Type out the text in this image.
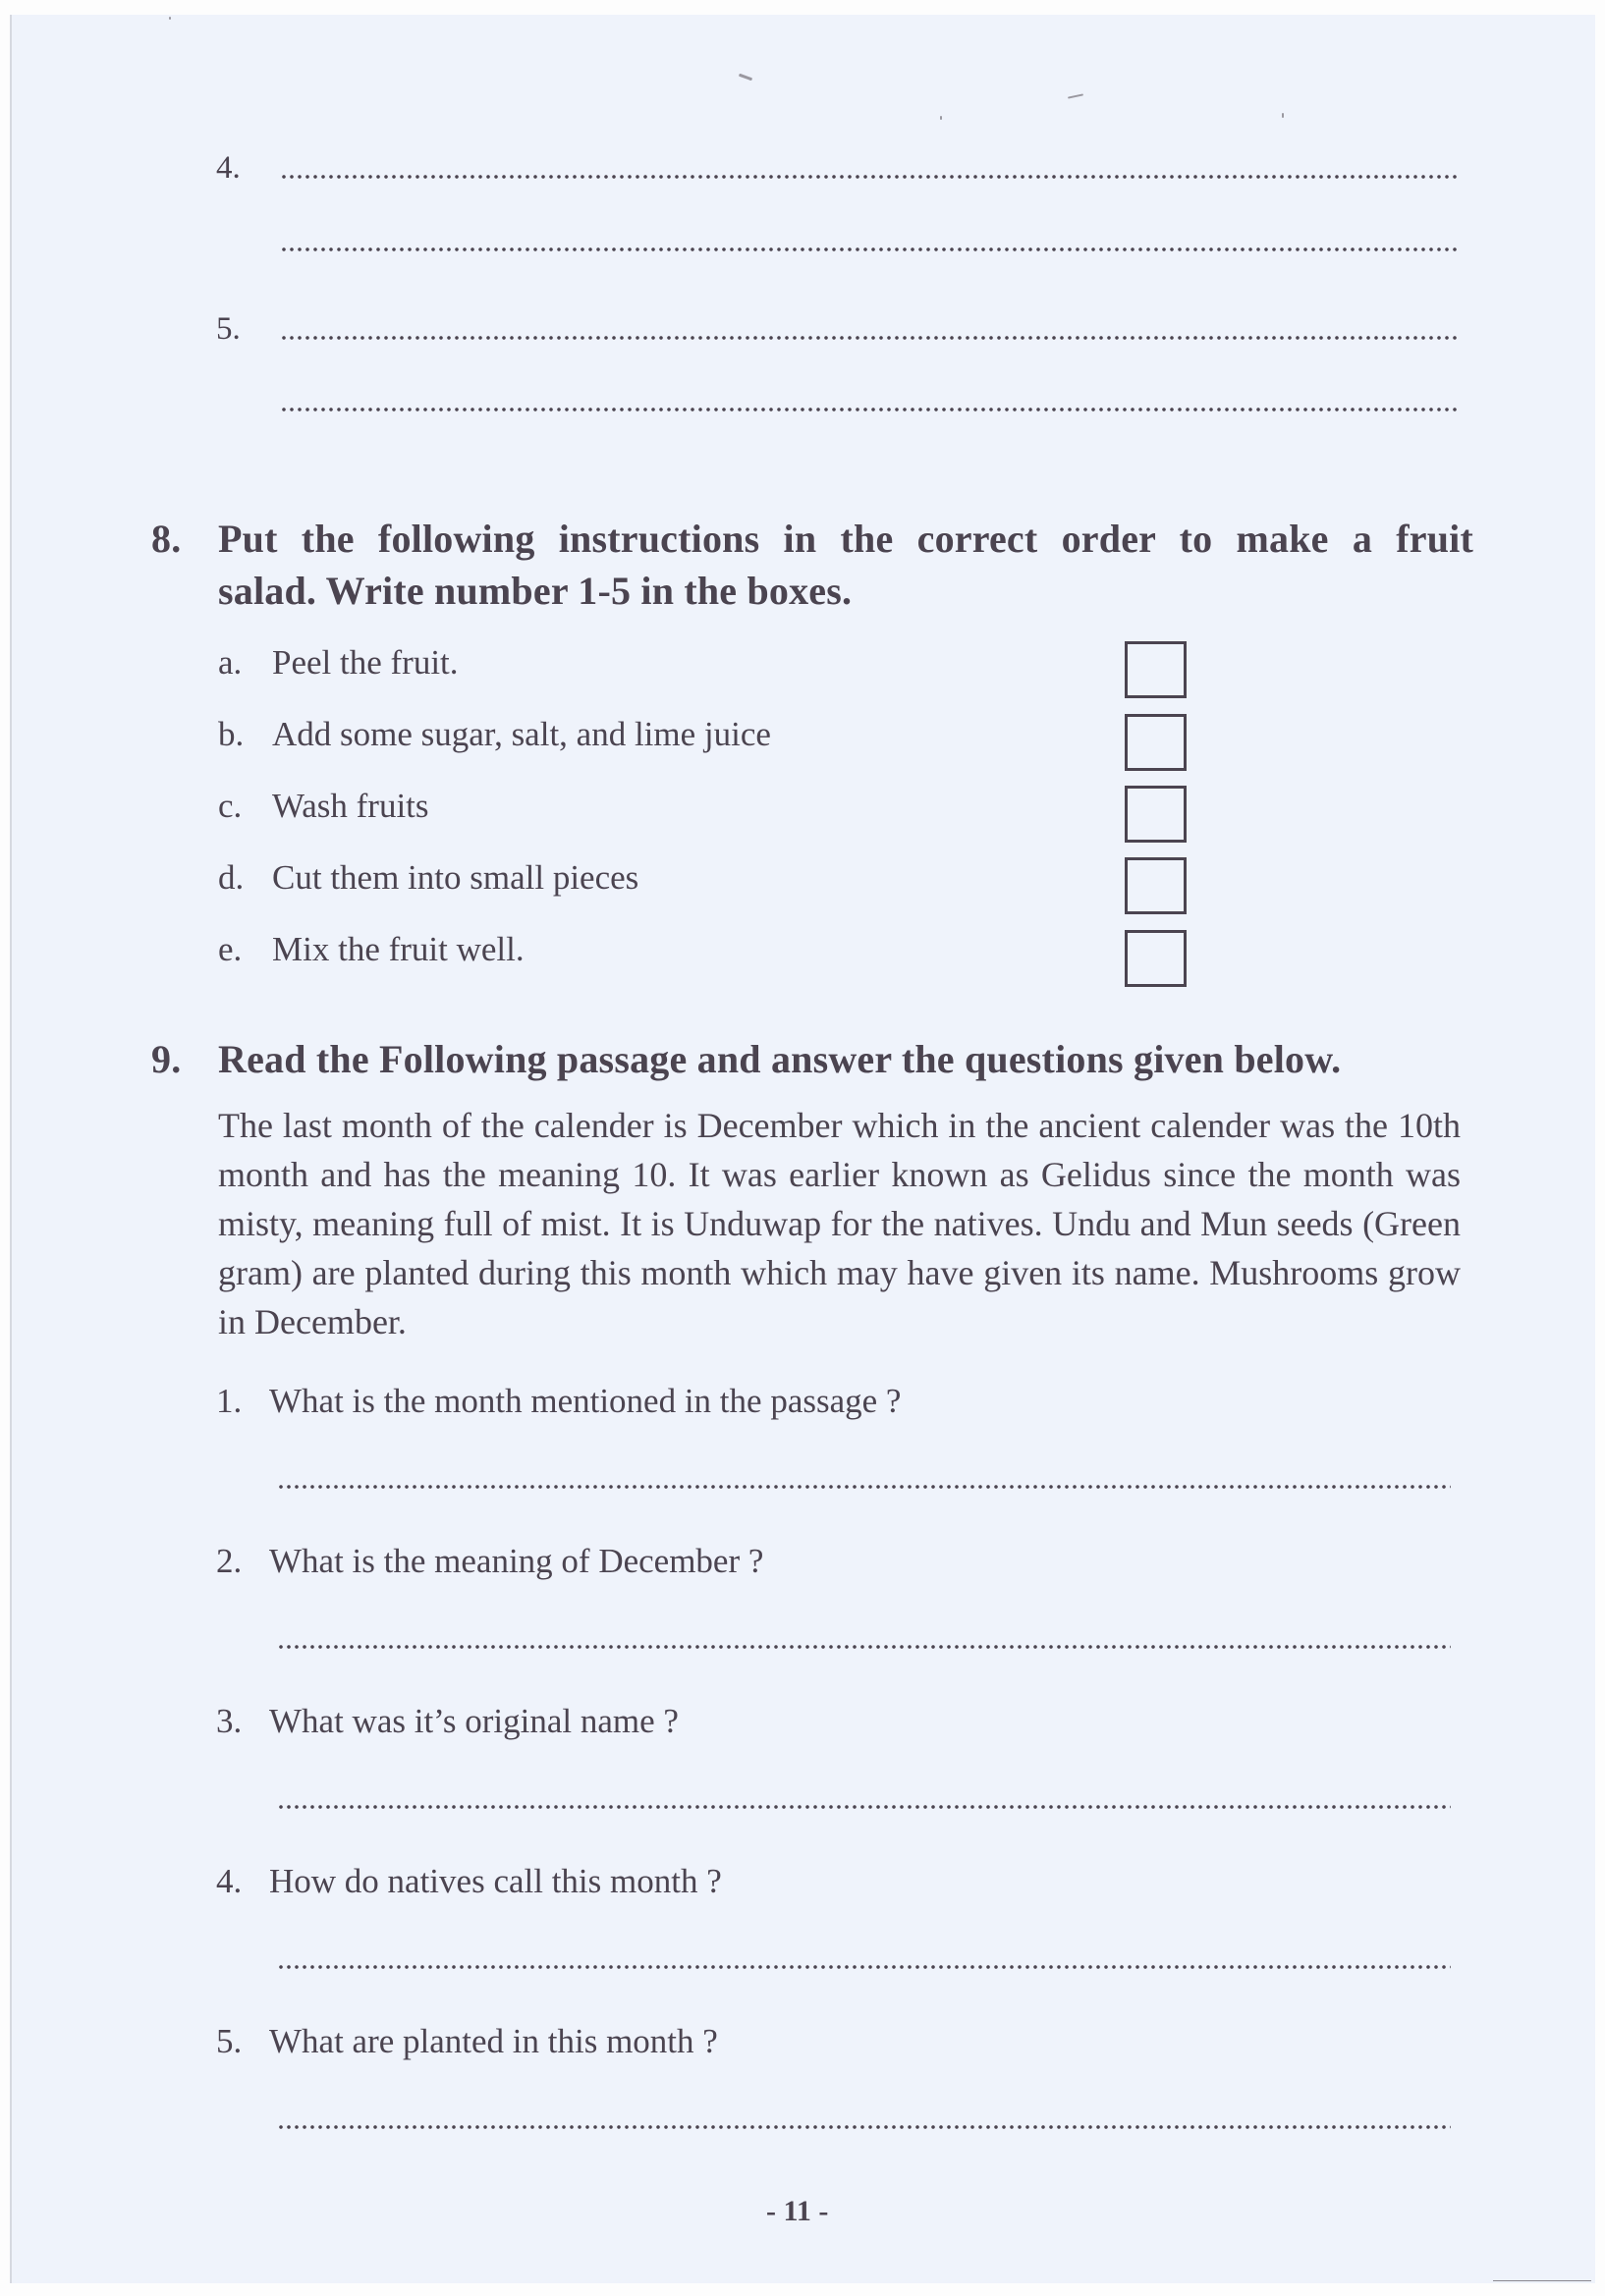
4.
5.
8. Put the following instructions in the correct order to make a fruit
salad. Write number 1-5 in the boxes.
a. Peel the fruit.
b. Add some sugar, salt, and lime juice
c. Wash fruits
d. Cut them into small pieces
e. Mix the fruit well.
9. Read the Following passage and answer the questions given below.
The last month of the calender is December which in the ancient calender was the 10th month and has the meaning 10. It was earlier known as Gelidus since the month was misty, meaning full of mist. It is Unduwap for the natives. Undu and Mun seeds (Green gram) are planted during this month which may have given its name. Mushrooms grow in December.
1. What is the month mentioned in the passage ?
2. What is the meaning of December ?
3. What was it’s original name ?
4. How do natives call this month ?
5. What are planted in this month ?
- 11 -
